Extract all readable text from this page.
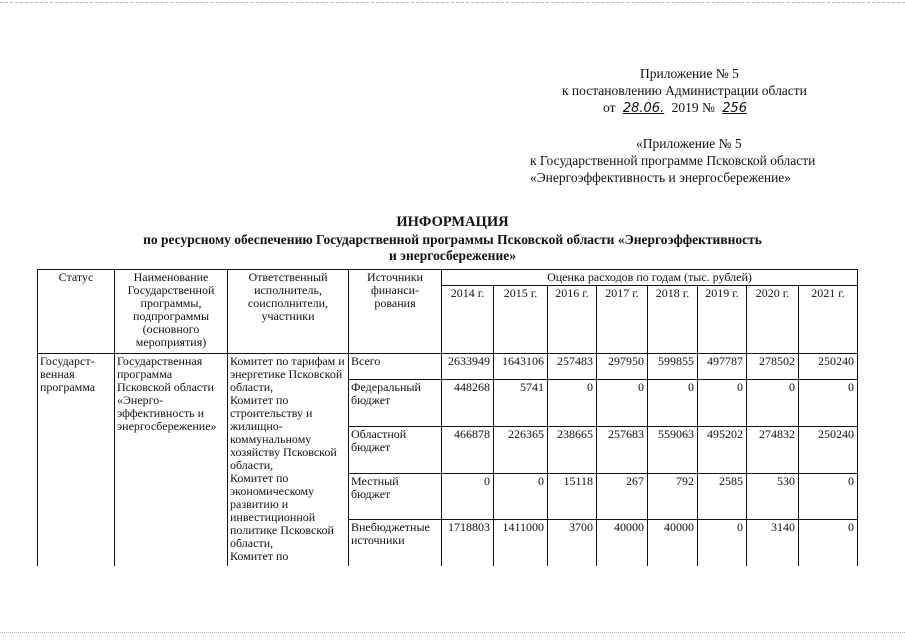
Приложение № 5
к постановлению Администрации области
от 28.06. 2019 № 256
«Приложение № 5
к Государственной программе Псковской области
«Энергоэффективность и энергосбережение»
ИНФОРМАЦИЯ
по ресурсному обеспечению Государственной программы Псковской области «Энергоэффективность
и энергосбережение»
Статус	Наименование Государственной программы, подпрограммы (основного мероприятия)	Ответственный исполнитель, соисполнители, участники	Источники финанси-рования	Оценка расходов по годам (тыс. рублей)							
				2014 г.	2015 г.	2016 г.	2017 г.	2018 г.	2019 г.	2020 г.	2021 г.
Государст-венная программа	Государственная программа Псковской области «Энерго-эффективность и энергосбережение»	Комитет по тарифам и энергетике Псковской области,
Комитет по строительству и жилищно-коммунальному хозяйству Псковской области,
Комитет по экономическому развитию и инвестиционной политике Псковской области,
Комитет по	Всего	2633949	1643106	257483	297950	599855	497787	278502	250240
			Федеральный бюджет	448268	5741	0	0	0	0	0	0
			Областной бюджет	466878	226365	238665	257683	559063	495202	274832	250240
			Местный бюджет	0	0	15118	267	792	2585	530	0
			Внебюджетные источники	1718803	1411000	3700	40000	40000	0	3140	0
